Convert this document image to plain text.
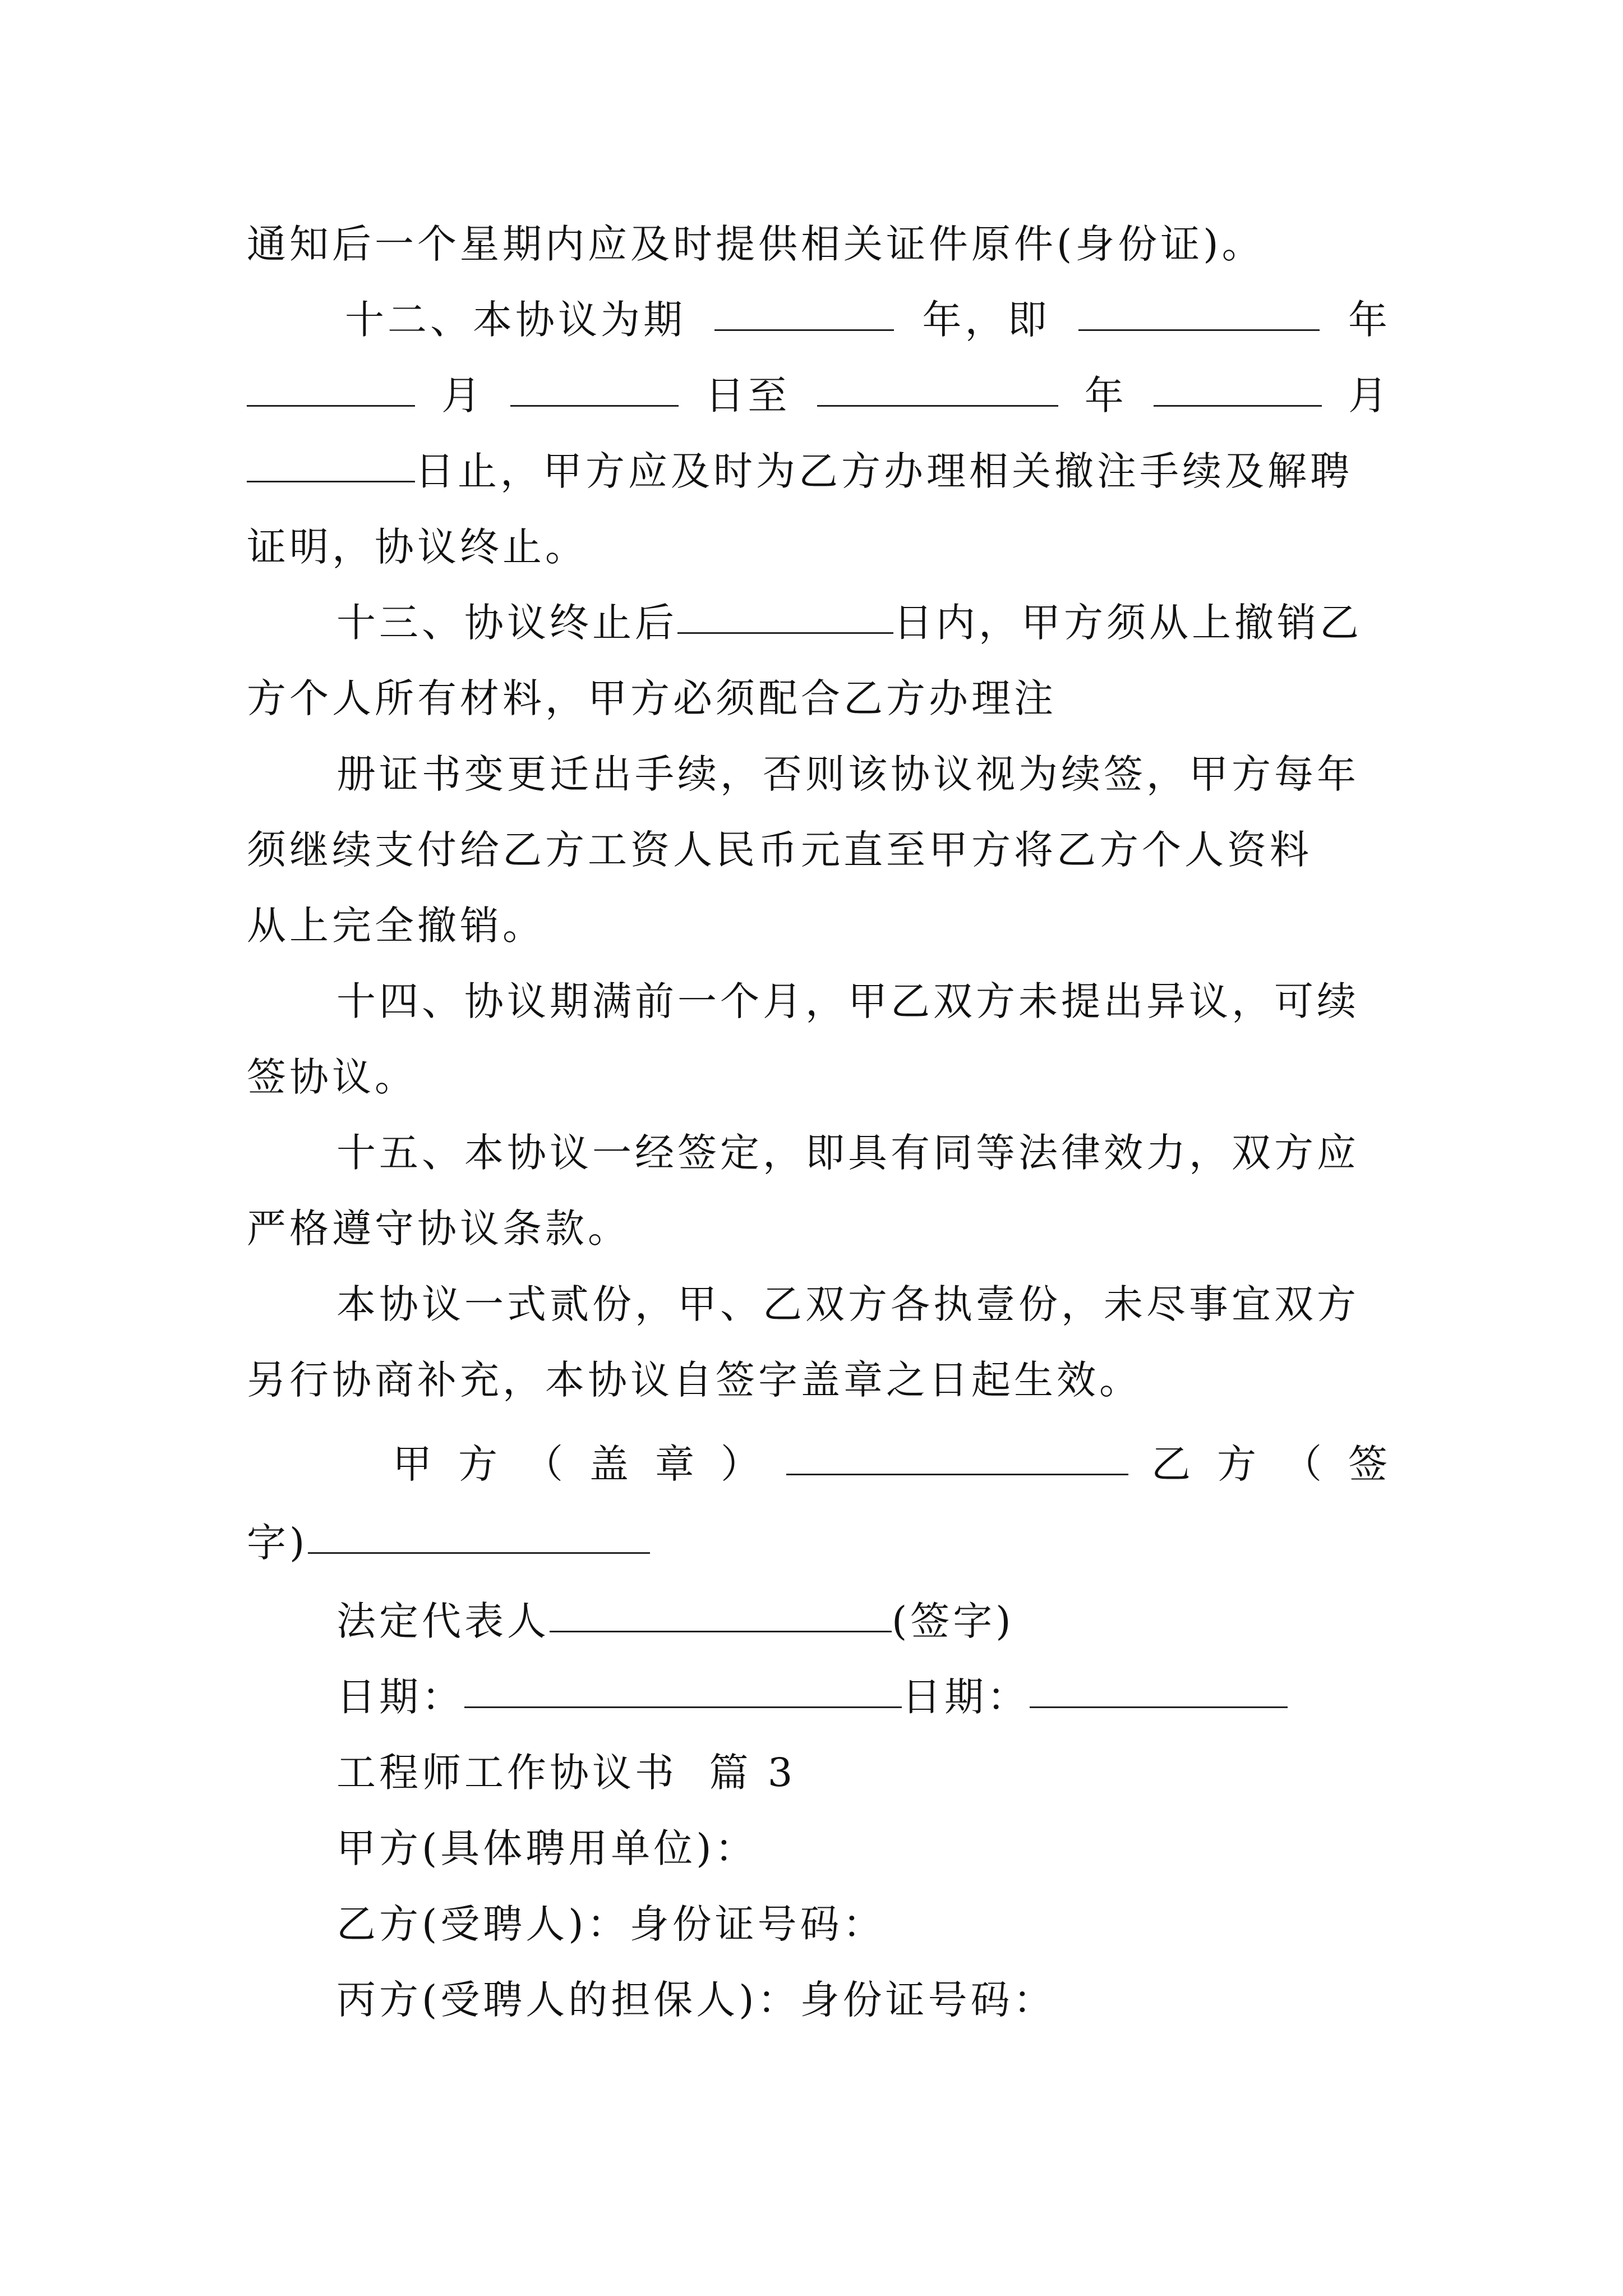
通知后一个星期内应及时提供相关证件原件(身份证)。
十二、本协议为期	年，即	年
月	日至	年	月
日止，甲方应及时为乙方办理相关撤注手续及解聘
证明，协议终止。
十三、协议终止后	日内，甲方须从上撤销乙
方个人所有材料，甲方必须配合乙方办理注
册证书变更迁出手续，否则该协议视为续签，甲方每年
须继续支付给乙方工资人民币元直至甲方将乙方个人资料
从上完全撤销。
十四、协议期满前一个月，甲乙双方未提出异议，可续
签协议。
十五、本协议一经签定，即具有同等法律效力，双方应
严格遵守协议条款。
本协议一式贰份，甲、乙双方各执壹份，未尽事宜双方
另行协商补充，本协议自签字盖章之日起生效。
甲 方 （ 盖 章 ）	乙 方 （ 签
字)
法定代表人	(签字)
日期：	日期：
工程师工作协议书  篇 3
甲方(具体聘用单位)：
乙方(受聘人)：身份证号码：
丙方(受聘人的担保人)：身份证号码：
